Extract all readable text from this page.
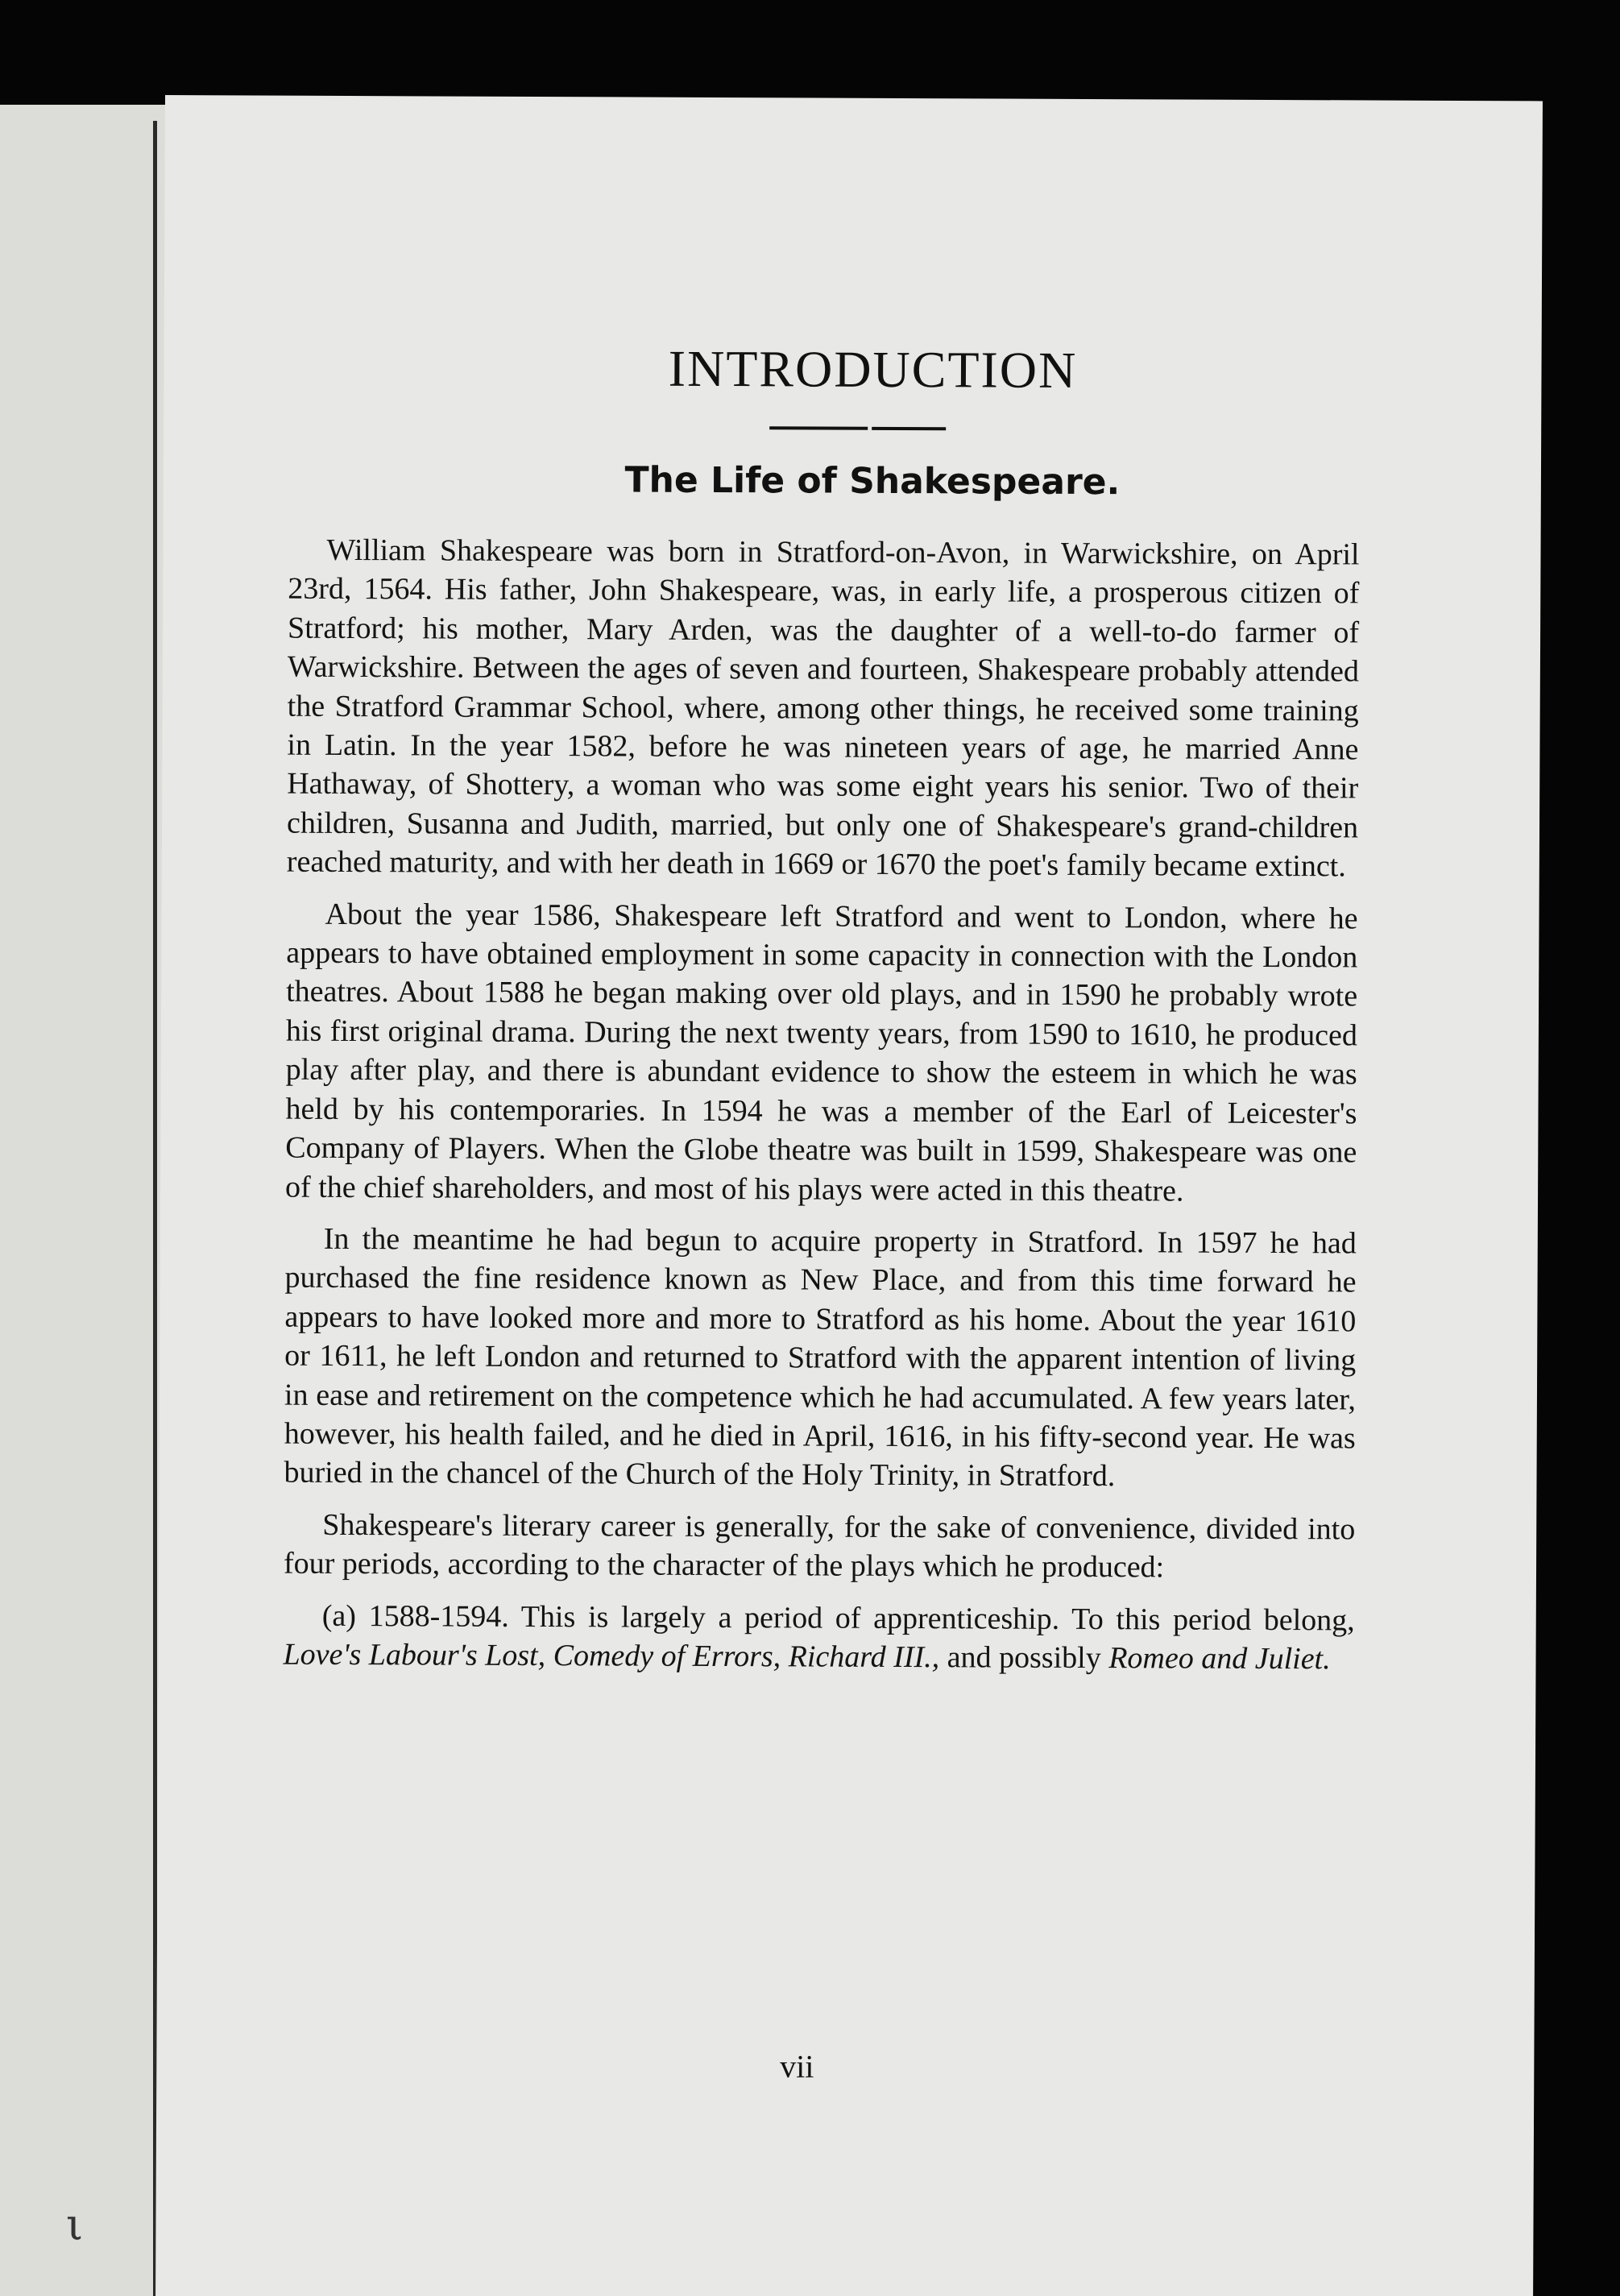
ι
INTRODUCTION
The Life of Shakespeare.

William Shakespeare was born in Stratford-on-Avon, in Warwickshire, on April 23rd, 1564. His father, John Shakespeare, was, in early life, a prosperous citizen of Stratford; his mother, Mary Arden, was the daughter of a well-to-do farmer of Warwickshire. Between the ages of seven and fourteen, Shakespeare probably attended the Stratford Grammar School, where, among other things, he received some training in Latin. In the year 1582, before he was nineteen years of age, he married Anne Hathaway, of Shottery, a woman who was some eight years his senior. Two of their children, Susanna and Judith, married, but only one of Shakespeare's grand-children reached maturity, and with her death in 1669 or 1670 the poet's family became extinct.

About the year 1586, Shakespeare left Stratford and went to London, where he appears to have obtained employment in some capacity in connection with the London theatres. About 1588 he began making over old plays, and in 1590 he probably wrote his first original drama. During the next twenty years, from 1590 to 1610, he produced play after play, and there is abundant evidence to show the esteem in which he was held by his contemporaries. In 1594 he was a member of the Earl of Leicester's Company of Players. When the Globe theatre was built in 1599, Shakespeare was one of the chief shareholders, and most of his plays were acted in this theatre.

In the meantime he had begun to acquire property in Stratford. In 1597 he had purchased the fine residence known as New Place, and from this time forward he appears to have looked more and more to Stratford as his home. About the year 1610 or 1611, he left London and returned to Stratford with the apparent intention of living in ease and retirement on the competence which he had accumulated. A few years later, however, his health failed, and he died in April, 1616, in his fifty-second year. He was buried in the chancel of the Church of the Holy Trinity, in Stratford.

Shakespeare's literary career is generally, for the sake of convenience, divided into four periods, according to the character of the plays which he produced:

(a) 1588-1594. This is largely a period of apprenticeship. To this period belong, Love's Labour's Lost, Comedy of Errors, Richard III., and possibly Romeo and Juliet.

vii
